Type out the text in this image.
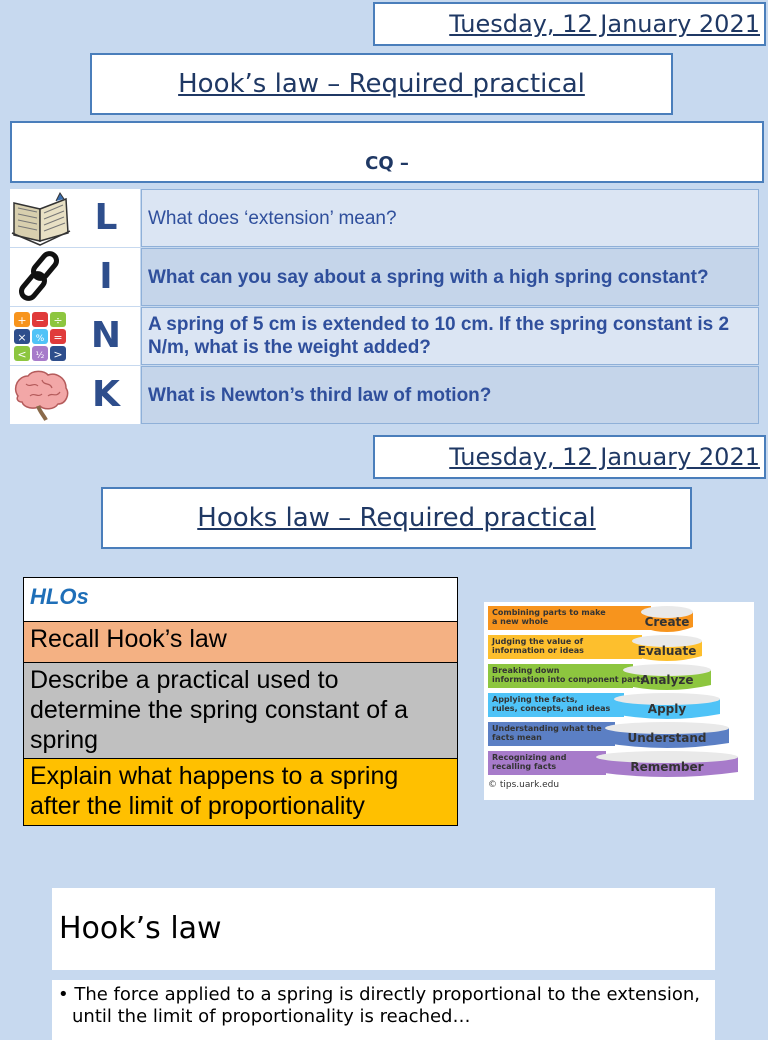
Tuesday, 12 January 2021
Hook’s law – Required practical
CQ –
L	What does ‘extension’ mean?
I	What can you say about a spring with a high spring constant?
+ − ÷
× % =
< ½ > N	A spring of 5 cm is extended to 10 cm. If the spring constant is 2 N/m, what is the weight added?
K	What is Newton’s third law of motion?
Tuesday, 12 January 2021
Hooks law – Required practical
HLOs
Recall Hook’s law
Describe a practical used to determine the spring constant of a spring
Explain what happens to a spring after the limit of proportionality
Combining parts to make
a new whole	Create
Judging the value of
information or ideas	Evaluate
Breaking down
information into component parts
Analyze
Applying the facts,
rules, concepts, and ideas	Apply
Understanding what the
facts mean	Understand
Recognizing and
recalling facts	Remember
© tips.uark.edu
Hook’s law
• The force applied to a spring is directly proportional to the extension, until the limit of proportionality is reached…
